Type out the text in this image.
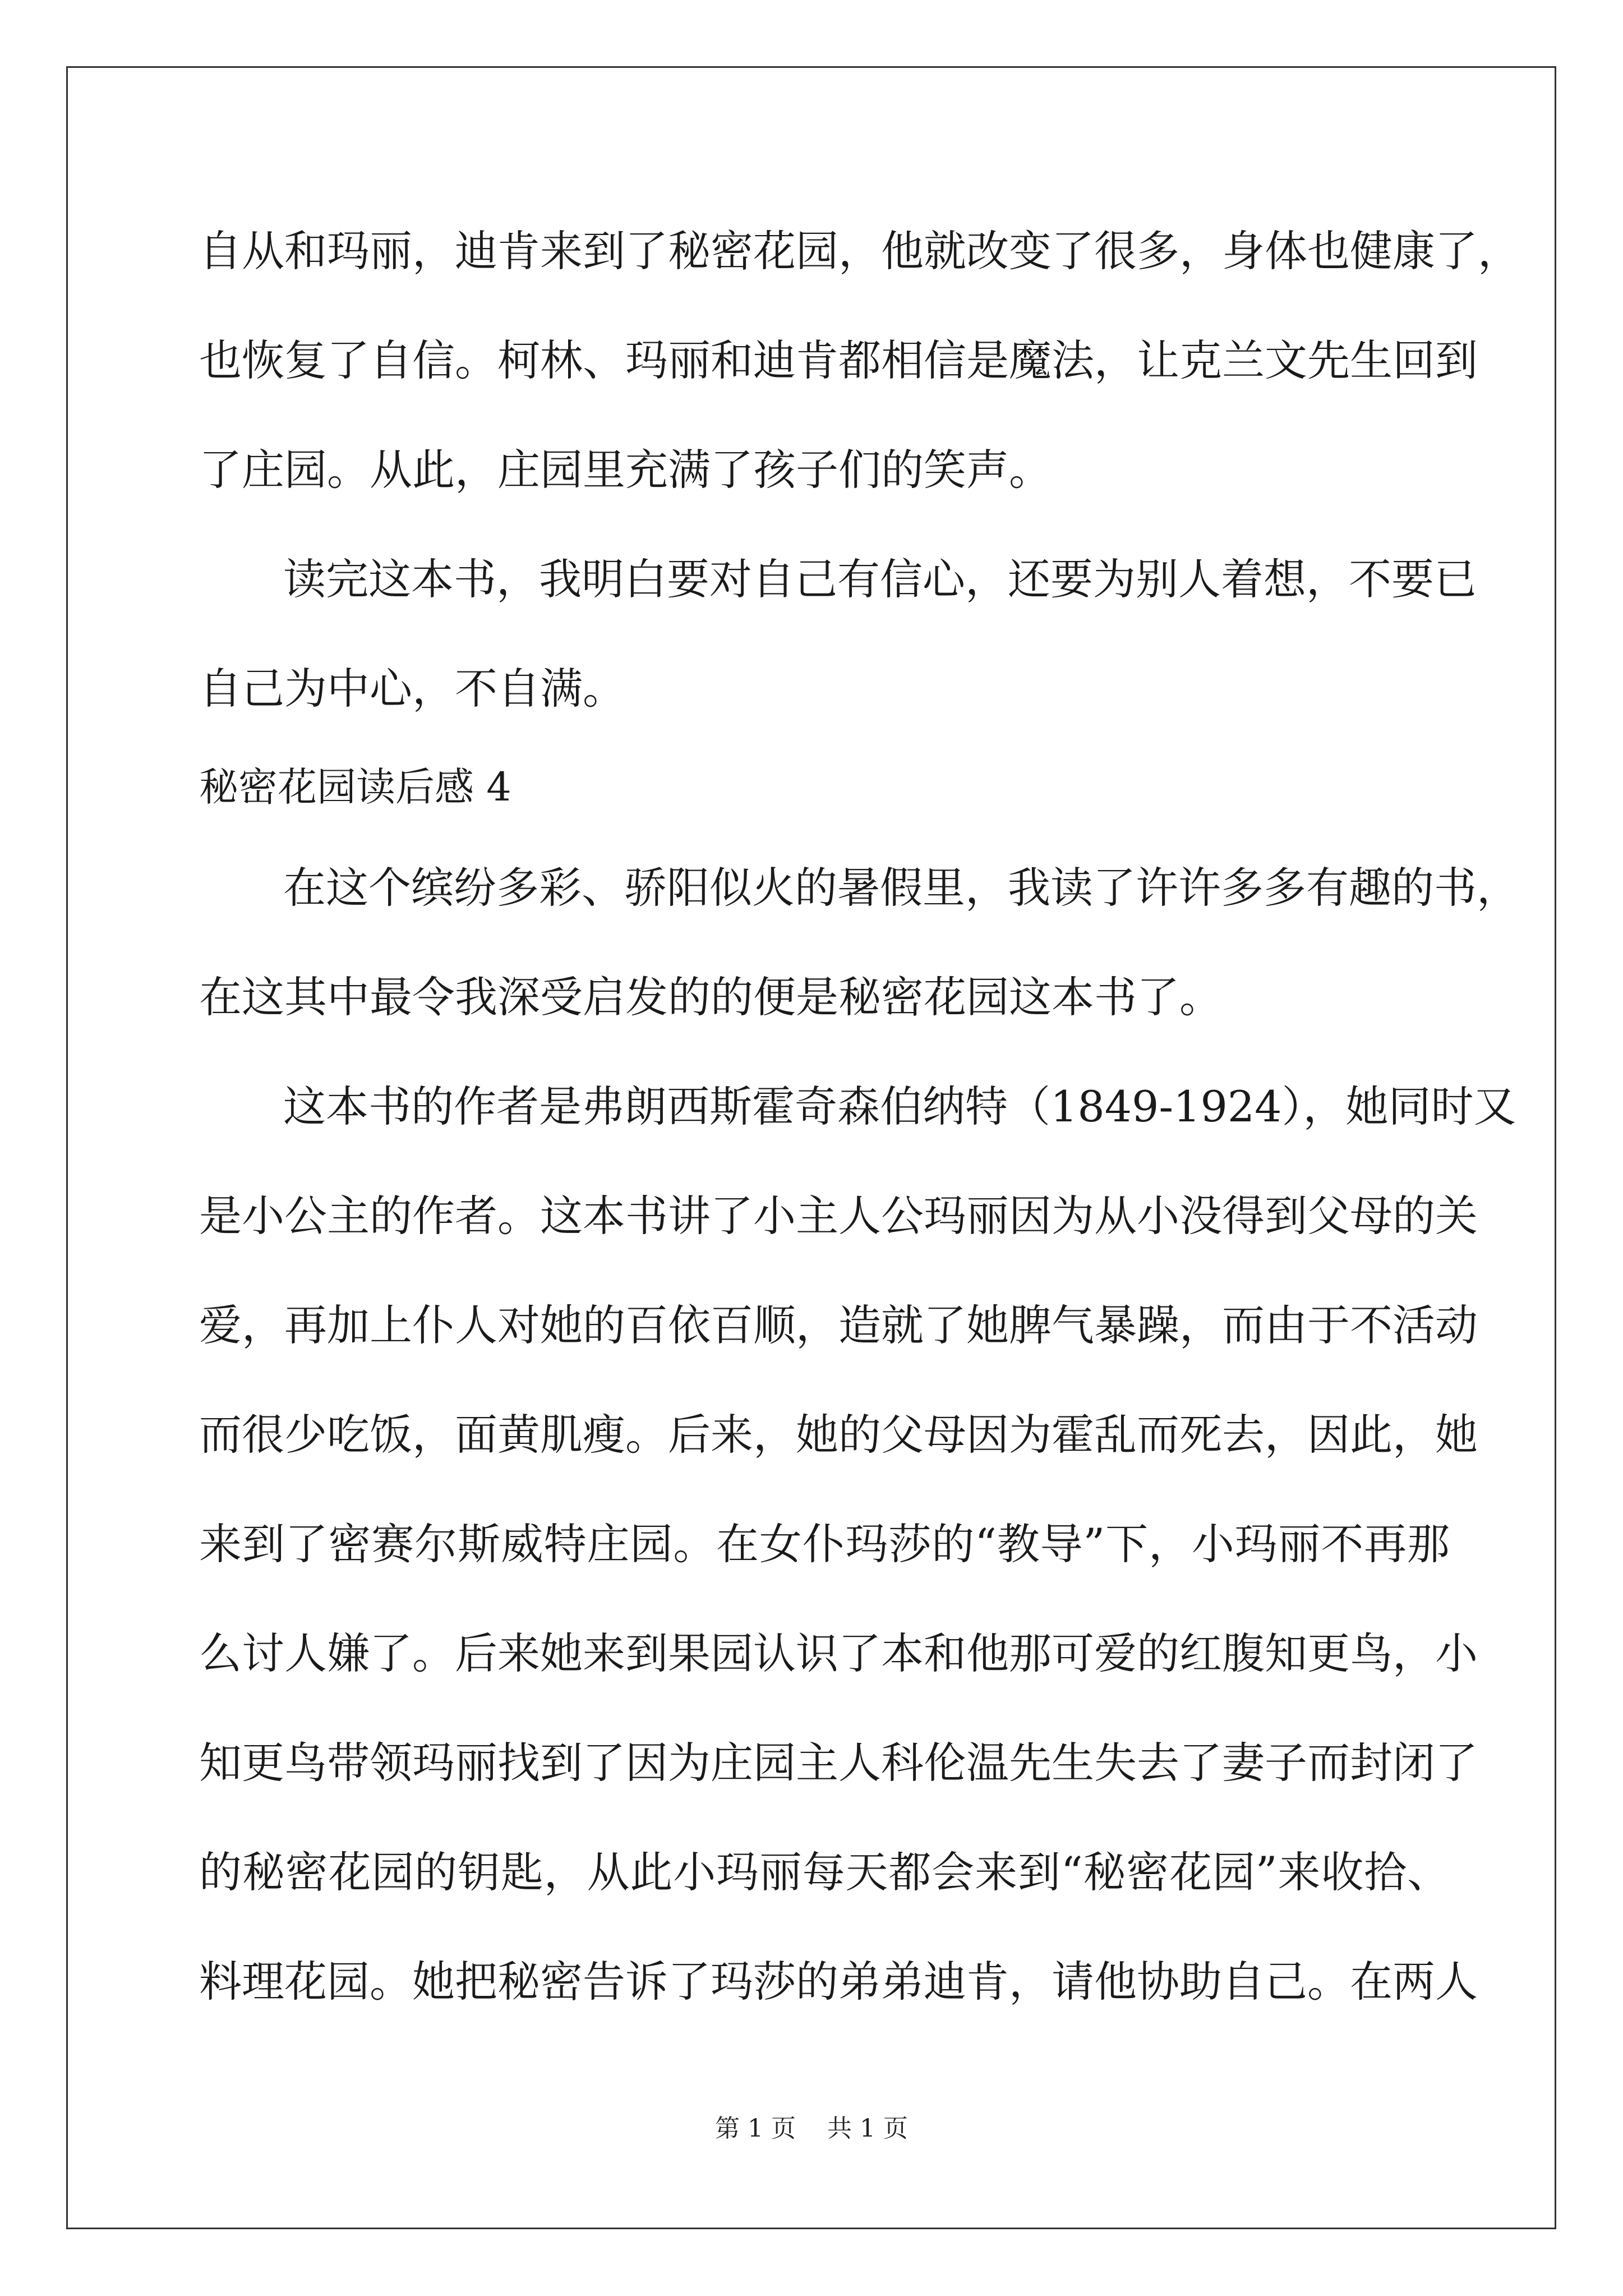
自从和玛丽，迪肯来到了秘密花园，他就改变了很多，身体也健康了，
也恢复了自信。柯林、玛丽和迪肯都相信是魔法，让克兰文先生回到
了庄园。从此，庄园里充满了孩子们的笑声。
读完这本书，我明白要对自己有信心，还要为别人着想，不要已
自己为中心，不自满。
秘密花园读后感 4
在这个缤纷多彩、骄阳似火的暑假里，我读了许许多多有趣的书，
在这其中最令我深受启发的的便是秘密花园这本书了。
这本书的作者是弗朗西斯霍奇森伯纳特（1849-1924），她同时又
是小公主的作者。这本书讲了小主人公玛丽因为从小没得到父母的关
爱，再加上仆人对她的百依百顺，造就了她脾气暴躁，而由于不活动
而很少吃饭，面黄肌瘦。后来，她的父母因为霍乱而死去，因此，她
来到了密赛尔斯威特庄园。在女仆玛莎的“教导”下，小玛丽不再那
么讨人嫌了。后来她来到果园认识了本和他那可爱的红腹知更鸟，小
知更鸟带领玛丽找到了因为庄园主人科伦温先生失去了妻子而封闭了
的秘密花园的钥匙，从此小玛丽每天都会来到“秘密花园”来收拾、
料理花园。她把秘密告诉了玛莎的弟弟迪肯，请他协助自己。在两人
第 1 页    共 1 页
